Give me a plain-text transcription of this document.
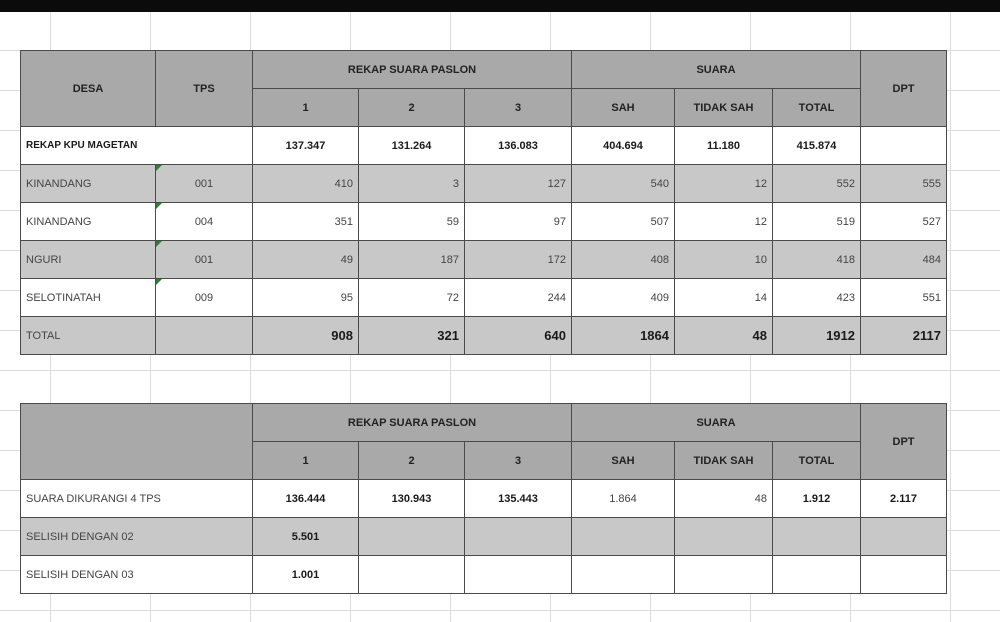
DESA	TPS	REKAP SUARA PASLON			SUARA			DPT
		1	2	3	SAH	TIDAK SAH	TOTAL	
REKAP KPU MAGETAN		137.347	131.264	136.083	404.694	11.180	415.874	
KINANDANG	001	410	3	127	540	12	552	555
KINANDANG	004	351	59	97	507	12	519	527
NGURI	001	49	187	172	408	10	418	484
SELOTINATAH	009	95	72	244	409	14	423	551
TOTAL		908	321	640	1864	48	1912	2117
	REKAP SUARA PASLON			SUARA			DPT
	1	2	3	SAH	TIDAK SAH	TOTAL	
SUARA DIKURANGI 4 TPS	136.444	130.943	135.443	1.864	48	1.912	2.117
SELISIH DENGAN 02	5.501						
SELISIH DENGAN 03	1.001						
